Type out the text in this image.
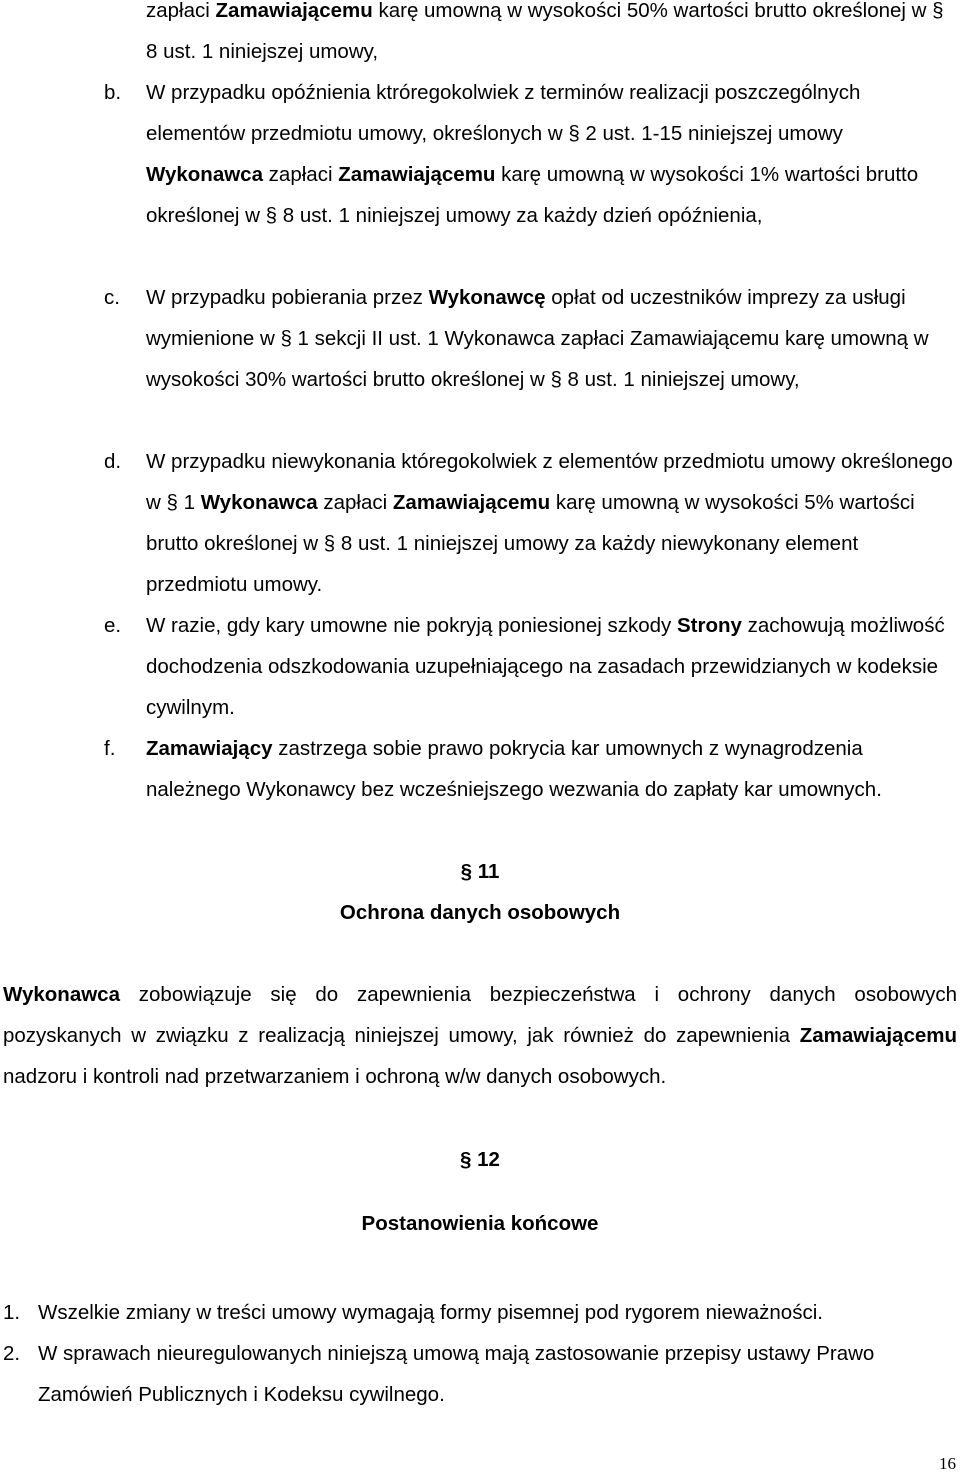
zapłaci Zamawiającemu karę umowną w wysokości 50% wartości brutto określonej w § 8 ust. 1 niniejszej umowy,
b. W przypadku opóźnienia ktróregokolwiek z terminów realizacji poszczególnych elementów przedmiotu umowy, określonych w § 2 ust. 1-15 niniejszej umowy Wykonawca zapłaci Zamawiającemu karę umowną w wysokości 1% wartości brutto określonej w § 8 ust. 1 niniejszej umowy za każdy dzień opóźnienia,
c. W przypadku pobierania przez Wykonawcę opłat od uczestników imprezy za usługi wymienione w § 1 sekcji II ust. 1 Wykonawca zapłaci Zamawiającemu karę umowną w wysokości 30% wartości brutto określonej w § 8 ust. 1 niniejszej umowy,
d. W przypadku niewykonania któregokolwiek z elementów przedmiotu umowy określonego w § 1 Wykonawca zapłaci Zamawiającemu karę umowną w wysokości 5% wartości brutto określonej w § 8 ust. 1 niniejszej umowy za każdy niewykonany element przedmiotu umowy.
e. W razie, gdy kary umowne nie pokryją poniesionej szkody Strony zachowują możliwość dochodzenia odszkodowania uzupełniającego na zasadach przewidzianych w kodeksie cywilnym.
f. Zamawiający zastrzega sobie prawo pokrycia kar umownych z wynagrodzenia należnego Wykonawcy bez wcześniejszego wezwania do zapłaty kar umownych.
§ 11
Ochrona danych osobowych
Wykonawca zobowiązuje się do zapewnienia bezpieczeństwa i ochrony danych osobowych pozyskanych w związku z realizacją niniejszej umowy, jak również do zapewnienia Zamawiającemu nadzoru i kontroli nad przetwarzaniem i ochroną w/w danych osobowych.
§ 12
Postanowienia końcowe
1. Wszelkie zmiany w treści umowy wymagają formy pisemnej pod rygorem nieważności.
2. W sprawach nieuregulowanych niniejszą umową mają zastosowanie przepisy ustawy Prawo Zamówień Publicznych i Kodeksu cywilnego.
16
